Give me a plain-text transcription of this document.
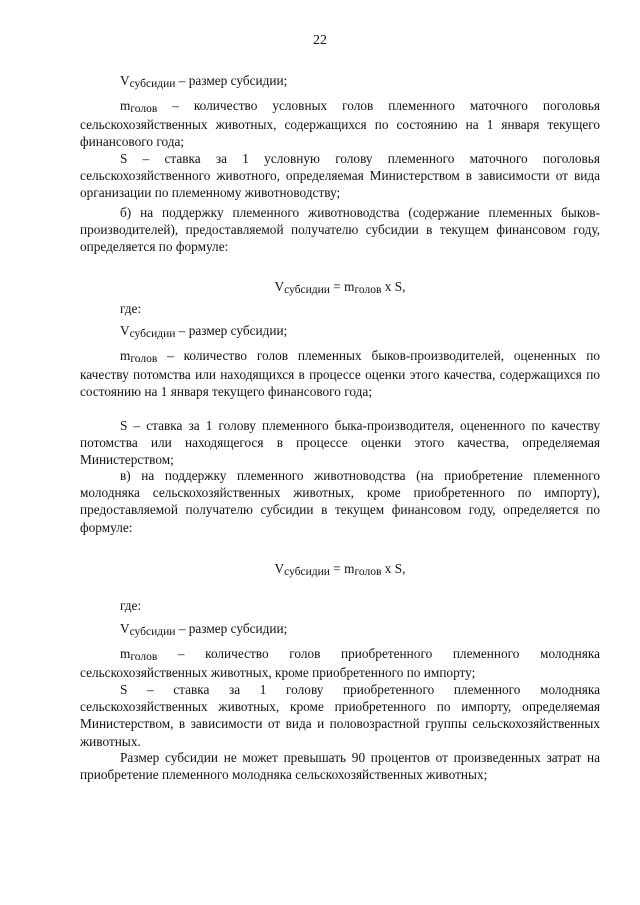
22

Vсубсидии – размер субсидии;

mголов – количество условных голов племенного маточного поголовья сельскохозяйственных животных, содержащихся по состоянию на 1 января текущего финансового года;

S – ставка за 1 условную голову племенного маточного поголовья сельскохозяйственного животного, определяемая Министерством в зависимости от вида организации по племенному животноводству;

б) на поддержку племенного животноводства (содержание племенных быков-производителей), предоставляемой получателю субсидии в текущем финансовом году, определяется по формуле:

Vсубсидии = mголов х S,

где:

Vсубсидии – размер субсидии;

mголов – количество голов племенных быков-производителей, оцененных по качеству потомства или находящихся в процессе оценки этого качества, содержащихся по состоянию на 1 января текущего финансового года;

S – ставка за 1 голову племенного быка-производителя, оцененного по качеству потомства или находящегося в процессе оценки этого качества, определяемая Министерством;

в) на поддержку племенного животноводства (на приобретение племенного молодняка сельскохозяйственных животных, кроме приобретенного по импорту), предоставляемой получателю субсидии в текущем финансовом году, определяется по формуле:

Vсубсидии = mголов х S,

где:

Vсубсидии – размер субсидии;

mголов – количество голов приобретенного племенного молодняка сельскохозяйственных животных, кроме приобретенного по импорту;

S – ставка за 1 голову приобретенного племенного молодняка сельскохозяйственных животных, кроме приобретенного по импорту, определяемая Министерством, в зависимости от вида и половозрастной группы сельскохозяйственных животных.

Размер субсидии не может превышать 90 процентов от произведенных затрат на приобретение племенного молодняка сельскохозяйственных животных;
